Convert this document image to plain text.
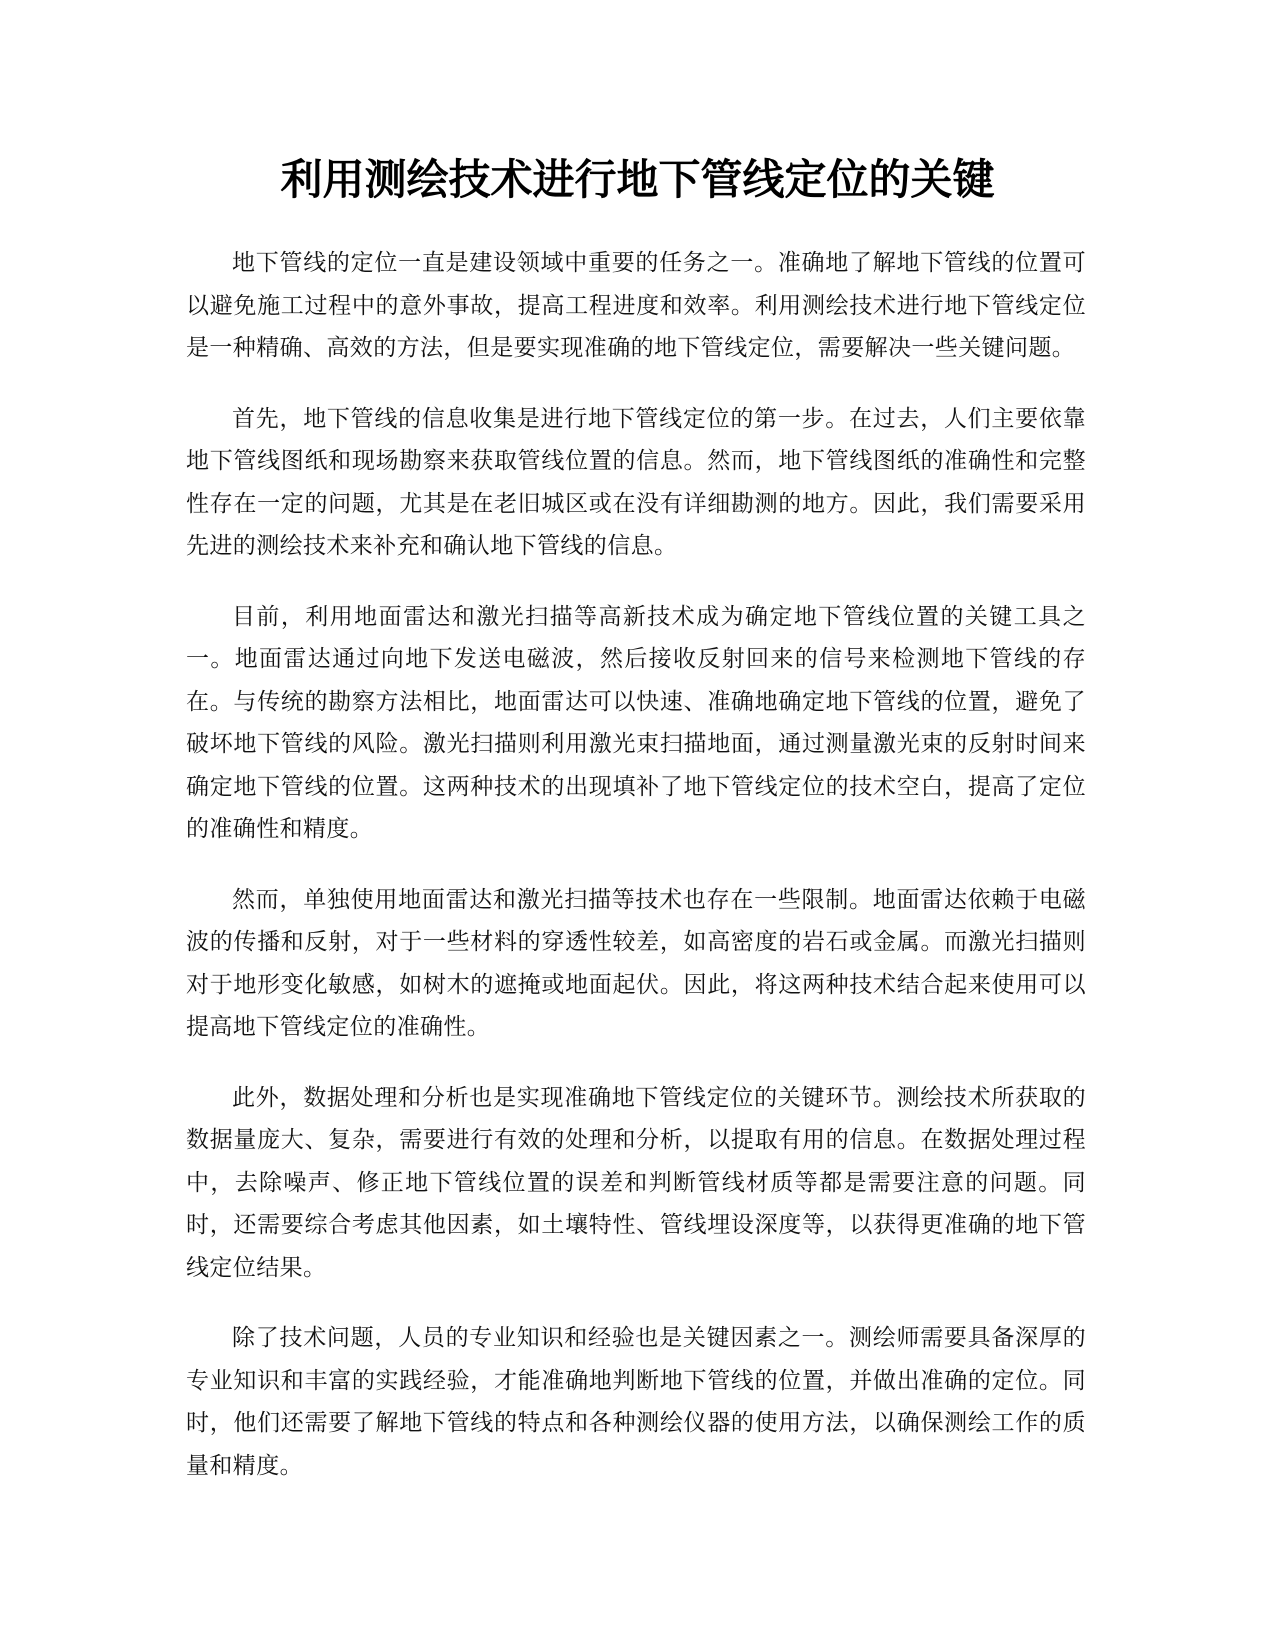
利用测绘技术进行地下管线定位的关键

地下管线的定位一直是建设领域中重要的任务之一。准确地了解地下管线的位置可以避免施工过程中的意外事故，提高工程进度和效率。利用测绘技术进行地下管线定位是一种精确、高效的方法，但是要实现准确的地下管线定位，需要解决一些关键问题。

首先，地下管线的信息收集是进行地下管线定位的第一步。在过去，人们主要依靠地下管线图纸和现场勘察来获取管线位置的信息。然而，地下管线图纸的准确性和完整性存在一定的问题，尤其是在老旧城区或在没有详细勘测的地方。因此，我们需要采用先进的测绘技术来补充和确认地下管线的信息。

目前，利用地面雷达和激光扫描等高新技术成为确定地下管线位置的关键工具之一。地面雷达通过向地下发送电磁波，然后接收反射回来的信号来检测地下管线的存在。与传统的勘察方法相比，地面雷达可以快速、准确地确定地下管线的位置，避免了破坏地下管线的风险。激光扫描则利用激光束扫描地面，通过测量激光束的反射时间来确定地下管线的位置。这两种技术的出现填补了地下管线定位的技术空白，提高了定位的准确性和精度。

然而，单独使用地面雷达和激光扫描等技术也存在一些限制。地面雷达依赖于电磁波的传播和反射，对于一些材料的穿透性较差，如高密度的岩石或金属。而激光扫描则对于地形变化敏感，如树木的遮掩或地面起伏。因此，将这两种技术结合起来使用可以提高地下管线定位的准确性。

此外，数据处理和分析也是实现准确地下管线定位的关键环节。测绘技术所获取的数据量庞大、复杂，需要进行有效的处理和分析，以提取有用的信息。在数据处理过程中，去除噪声、修正地下管线位置的误差和判断管线材质等都是需要注意的问题。同时，还需要综合考虑其他因素，如土壤特性、管线埋设深度等，以获得更准确的地下管线定位结果。

除了技术问题，人员的专业知识和经验也是关键因素之一。测绘师需要具备深厚的专业知识和丰富的实践经验，才能准确地判断地下管线的位置，并做出准确的定位。同时，他们还需要了解地下管线的特点和各种测绘仪器的使用方法，以确保测绘工作的质量和精度。
